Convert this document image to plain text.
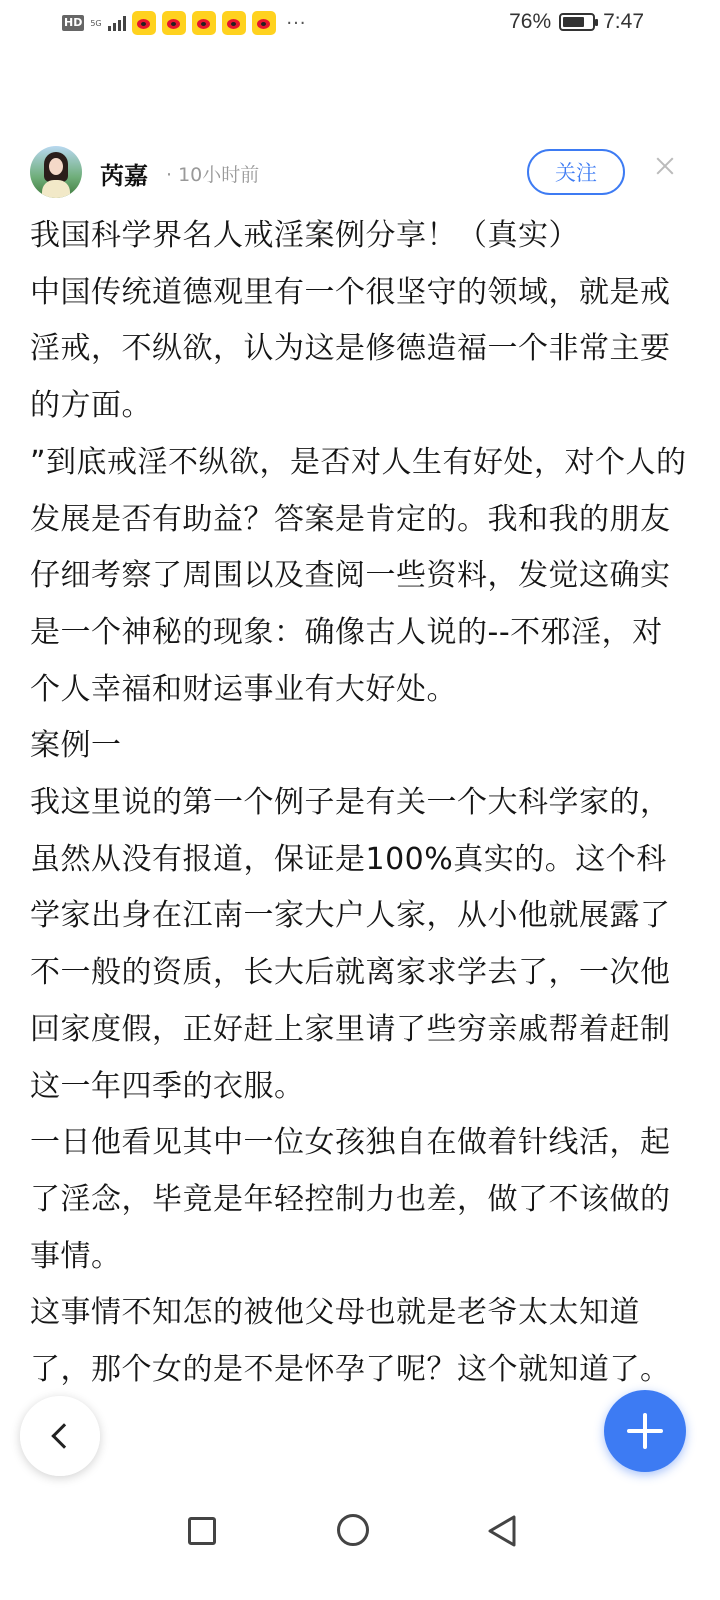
HD 5G	···	76% 7:47
芮嘉 · 10小时前	关注

我国科学界名人戒淫案例分享！（真实）

中国传统道德观里有一个很坚守的领域，就是戒淫戒，不纵欲，认为这是修德造福一个非常主要的方面。

”到底戒淫不纵欲，是否对人生有好处，对个人的发展是否有助益？答案是肯定的。我和我的朋友仔细考察了周围以及查阅一些资料，发觉这确实是一个神秘的现象：确像古人说的--不邪淫，对个人幸福和财运事业有大好处。

案例一

我这里说的第一个例子是有关一个大科学家的，虽然从没有报道，保证是100%真实的。这个科学家出身在江南一家大户人家，从小他就展露了不一般的资质，长大后就离家求学去了，一次他回家度假，正好赶上家里请了些穷亲戚帮着赶制这一年四季的衣服。

一日他看见其中一位女孩独自在做着针线活，起了淫念，毕竟是年轻控制力也差，做了不该做的事情。

这事情不知怎的被他父母也就是老爷太太知道了，那个女的是不是怀孕了呢？这个就知道了。
